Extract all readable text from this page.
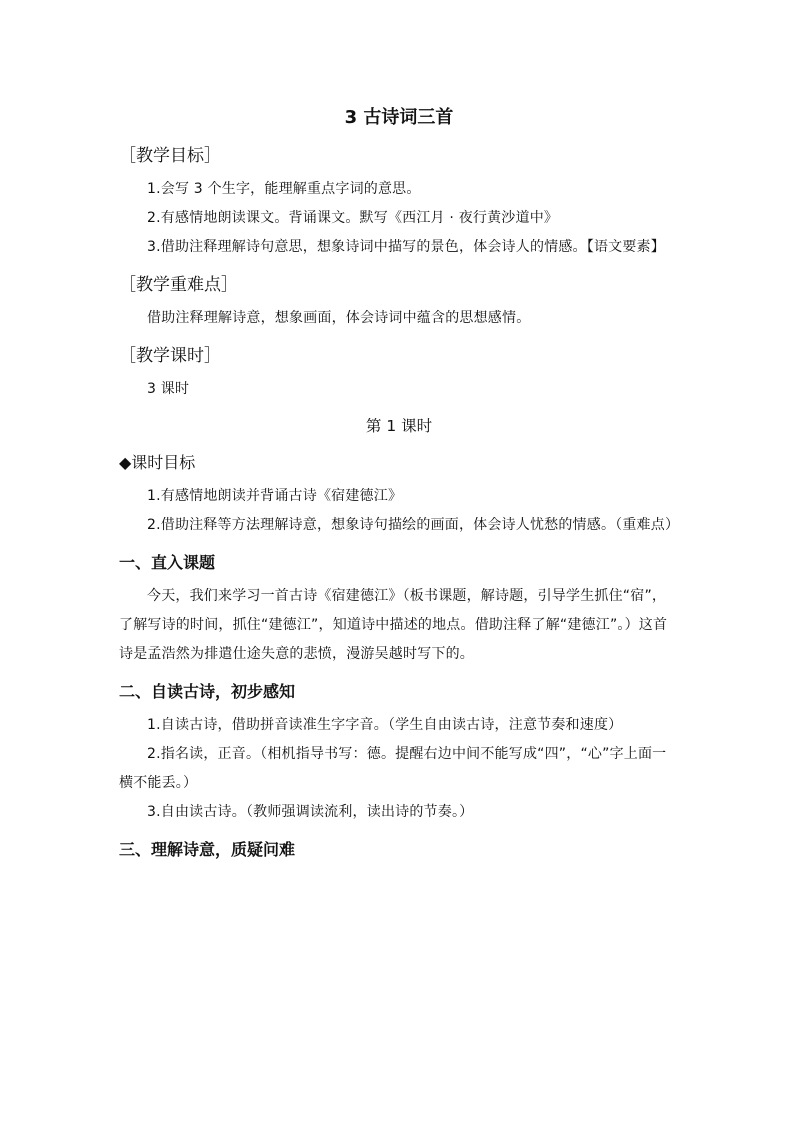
3 古诗词三首
［教学目标］

1.会写 3 个生字，能理解重点字词的意思。

2.有感情地朗读课文。背诵课文。默写《西江月 · 夜行黄沙道中》

3.借助注释理解诗句意思，想象诗词中描写的景色，体会诗人的情感。【语文要素】

［教学重难点］

借助注释理解诗意，想象画面，体会诗词中蕴含的思想感情。

［教学课时］

3 课时

第 1 课时
◆课时目标

1.有感情地朗读并背诵古诗《宿建德江》

2.借助注释等方法理解诗意，想象诗句描绘的画面，体会诗人忧愁的情感。（重难点）

一、直入课题

今天，我们来学习一首古诗《宿建德江》（板书课题，解诗题，引导学生抓住“宿”，了解写诗的时间，抓住“建德江”，知道诗中描述的地点。借助注释了解“建德江”。）这首诗是孟浩然为排遣仕途失意的悲愤，漫游吴越时写下的。

二、自读古诗，初步感知

1.自读古诗，借助拼音读准生字字音。（学生自由读古诗，注意节奏和速度）

2.指名读，正音。（相机指导书写：德。提醒右边中间不能写成“四”，“心”字上面一横不能丢。）

3.自由读古诗。（教师强调读流利，读出诗的节奏。）

三、理解诗意，质疑问难
